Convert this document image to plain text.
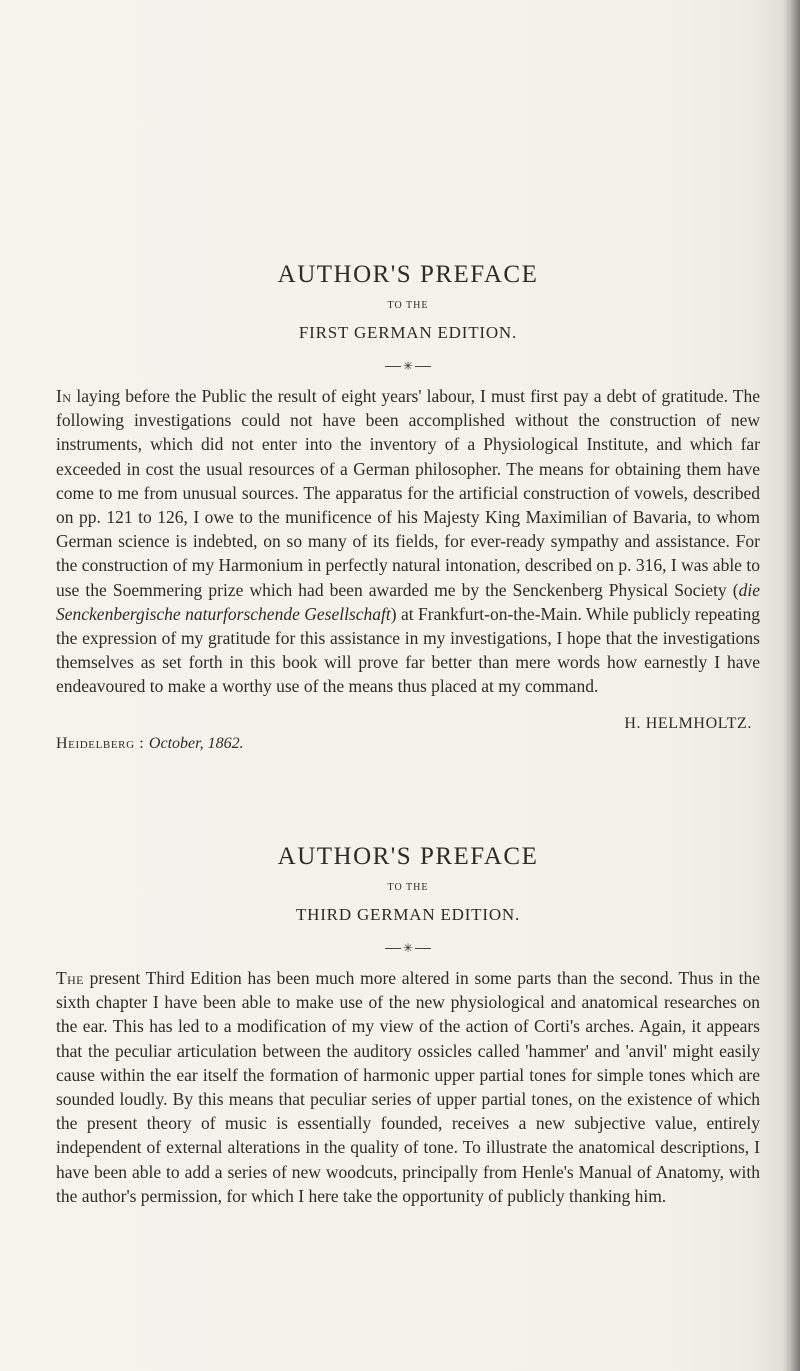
AUTHOR'S PREFACE
TO THE
FIRST GERMAN EDITION.
✳

In laying before the Public the result of eight years' labour, I must first pay a debt of gratitude. The following investigations could not have been accomplished without the construction of new instruments, which did not enter into the inventory of a Physiological Institute, and which far exceeded in cost the usual resources of a German philosopher. The means for obtaining them have come to me from unusual sources. The apparatus for the artificial construction of vowels, described on pp. 121 to 126, I owe to the munificence of his Majesty King Maximilian of Bavaria, to whom German science is indebted, on so many of its fields, for ever-ready sympathy and assistance. For the construction of my Harmonium in perfectly natural intonation, described on p. 316, I was able to use the Soemmering prize which had been awarded me by the Senckenberg Physical Society (die Senckenbergische naturforschende Gesellschaft) at Frankfurt-on-the-Main. While publicly repeating the expression of my gratitude for this assistance in my investigations, I hope that the investigations themselves as set forth in this book will prove far better than mere words how earnestly I have endeavoured to make a worthy use of the means thus placed at my command.

H. HELMHOLTZ.
Heidelberg : October, 1862.
AUTHOR'S PREFACE
TO THE
THIRD GERMAN EDITION.
✳

The present Third Edition has been much more altered in some parts than the second. Thus in the sixth chapter I have been able to make use of the new physiological and anatomical researches on the ear. This has led to a modification of my view of the action of Corti's arches. Again, it appears that the peculiar articulation between the auditory ossicles called 'hammer' and 'anvil' might easily cause within the ear itself the formation of harmonic upper partial tones for simple tones which are sounded loudly. By this means that peculiar series of upper partial tones, on the existence of which the present theory of music is essentially founded, receives a new subjective value, entirely independent of external alterations in the quality of tone. To illustrate the anatomical descriptions, I have been able to add a series of new woodcuts, principally from Henle's Manual of Anatomy, with the author's permission, for which I here take the opportunity of publicly thanking him.
